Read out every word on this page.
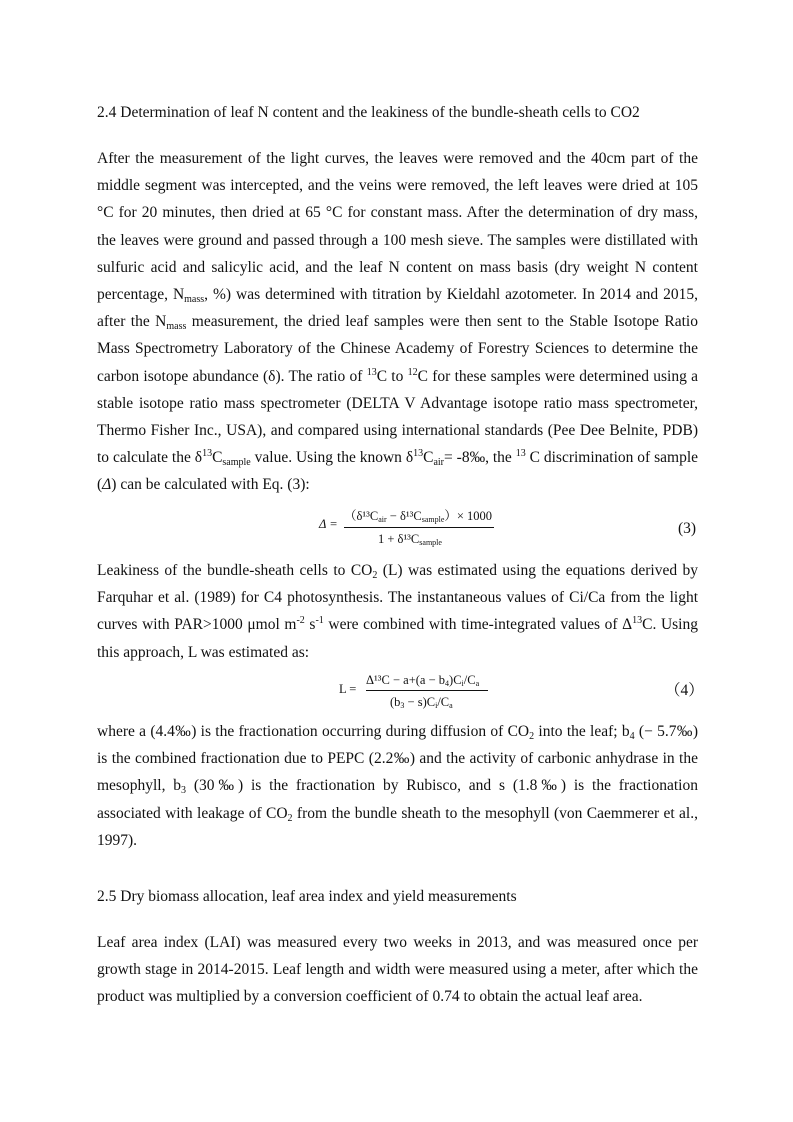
2.4 Determination of leaf N content and the leakiness of the bundle-sheath cells to CO2
After the measurement of the light curves, the leaves were removed and the 40cm part of the middle segment was intercepted, and the veins were removed, the left leaves were dried at 105 °C for 20 minutes, then dried at 65 °C for constant mass. After the determination of dry mass, the leaves were ground and passed through a 100 mesh sieve. The samples were distillated with sulfuric acid and salicylic acid, and the leaf N content on mass basis (dry weight N content percentage, $N_{mass}$, %) was determined with titration by Kieldahl azotometer. In 2014 and 2015, after the $N_{mass}$ measurement, the dried leaf samples were then sent to the Stable Isotope Ratio Mass Spectrometry Laboratory of the Chinese Academy of Forestry Sciences to determine the carbon isotope abundance (δ). The ratio of $^{13}$C to $^{12}$C for these samples were determined using a stable isotope ratio mass spectrometer (DELTA V Advantage isotope ratio mass spectrometer, Thermo Fisher Inc., USA), and compared using international standards (Pee Dee Belnite, PDB) to calculate the $\delta^{13}C_{sample}$ value. Using the known $\delta^{13}C_{air}=$ -8‰, the $^{13}$ C discrimination of sample (Δ) can be calculated with Eq. (3):
Δ =
$(\delta^{13}C_{air} - \delta^{13}C_{sample})\times 1000$
$1 + \delta^{13}C_{sample}$
(3)
Leakiness of the bundle-sheath cells to $CO_2$ (L) was estimated using the equations derived by Farquhar et al. (1989) for C4 photosynthesis. The instantaneous values of Ci/Ca from the light curves with PAR>1000 μmol $m^{-2}$ $s^{-1}$ were combined with time-integrated values of $\Delta^{13}C$. Using this approach, L was estimated as:
L =
$\Delta^{13}C - a+(a - b_4)C_i/C_a$
$(b_3 - s)C_i/C_a$
（4）
where a (4.4‰) is the fractionation occurring during diffusion of $CO_2$ into the leaf; $b_4$ (− 5.7‰) is the combined fractionation due to PEPC (2.2‰) and the activity of carbonic anhydrase in the mesophyll, $b_3$ (30‰) is the fractionation by Rubisco, and s (1.8‰) is the fractionation associated with leakage of $CO_2$ from the bundle sheath to the mesophyll (von Caemmerer et al., 1997).
2.5 Dry biomass allocation, leaf area index and yield measurements
Leaf area index (LAI) was measured every two weeks in 2013, and was measured once per growth stage in 2014-2015. Leaf length and width were measured using a meter, after which the product was multiplied by a conversion coefficient of 0.74 to obtain the actual leaf area.
